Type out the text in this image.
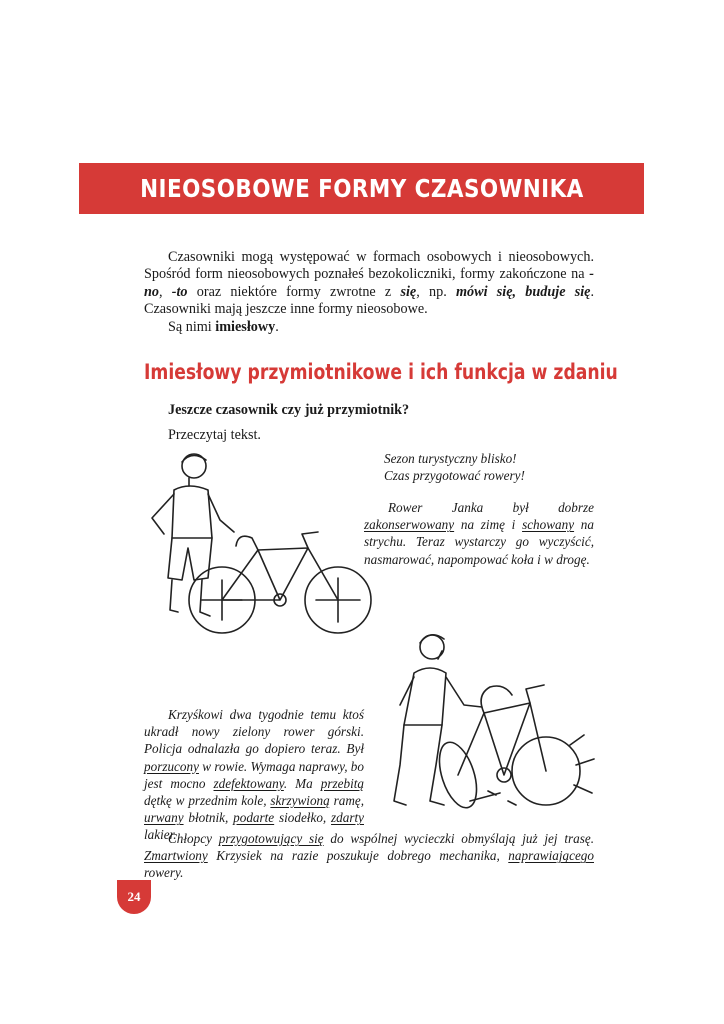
NIEOSOBOWE FORMY CZASOWNIKA

Czasowniki mogą występować w formach osobowych i nieosobowych. Spośród form nieosobowych poznałeś bezokoliczniki, formy zakończone na -no, -to oraz niektóre formy zwrotne z się, np. mówi się, buduje się. Czasowniki mają jeszcze inne formy nieosobowe.

Są nimi imiesłowy.

Imiesłowy przymiotnikowe i ich funkcja w zdaniu

Jeszcze czasownik czy już przymiotnik?

Przeczytaj tekst.

Sezon turystyczny blisko!
Czas przygotować rowery!
Rower Janka był dobrze zakonserwowany na zimę i schowany na strychu. Teraz wystarczy go wyczyścić, nasmarować, napompować koła i w drogę.
Krzyśkowi dwa tygodnie temu ktoś ukradł nowy zielony rower górski. Policja odnalazła go dopiero teraz. Był porzucony w rowie. Wymaga naprawy, bo jest mocno zdefektowany. Ma przebitą dętkę w przednim kole, skrzywioną ramę, urwany błotnik, podarte siodełko, zdarty lakier.
Chłopcy przygotowujący się do wspólnej wycieczki obmyślają już jej trasę. Zmartwiony Krzysiek na razie poszukuje dobrego mechanika, naprawiającego rowery.
24
